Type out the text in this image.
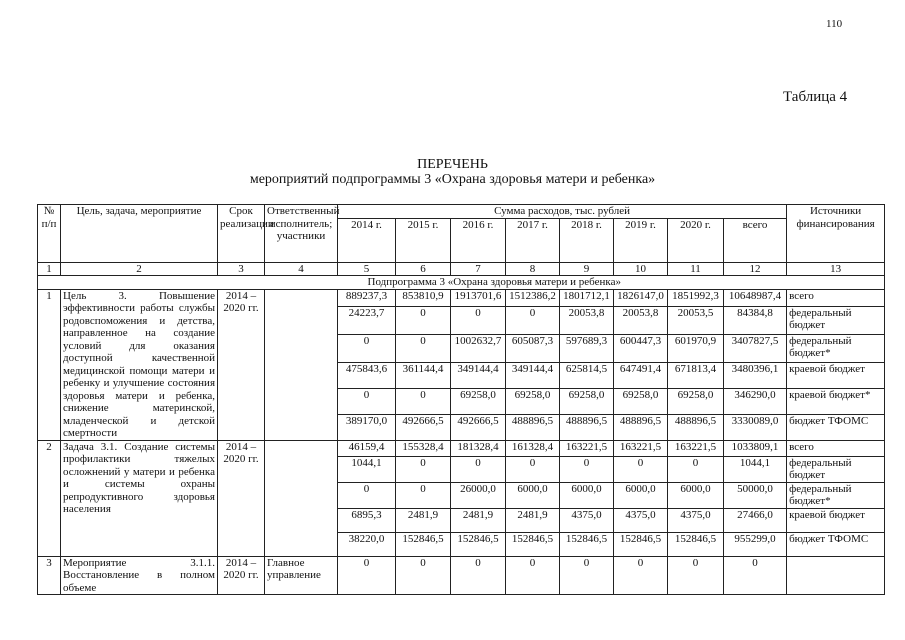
110
Таблица 4
ПЕРЕЧЕНЬ
мероприятий подпрограммы 3 «Охрана здоровья матери и ребенка»
№ п/п	Цель, задача, мероприятие	Срок реализации	Ответственный исполнитель; участники	Сумма расходов, тыс. рублей								Источники финансирования
				2014 г.	2015 г.	2016 г.	2017 г.	2018 г.	2019 г.	2020 г.	всего	
1	2	3	4	5	6	7	8	9	10	11	12	13
				Подпрограмма 3 «Охрана здоровья матери и ребенка»								
1	Цель 3. Повышение эффективности работы службы родовспоможения и детства, направленное на создание условий для оказания доступной качественной медицинской помощи матери и ребенку и улучшение состояния здоровья матери и ребенка, снижение материнской, младенческой и детской смертности	2014 – 2020 гг.		889237,3	853810,9	1913701,6	1512386,2	1801712,1	1826147,0	1851992,3	10648987,4	всего
				24223,7	0	0	0	20053,8	20053,8	20053,5	84384,8	федеральный бюджет
				0	0	1002632,7	605087,3	597689,3	600447,3	601970,9	3407827,5	федеральный бюджет*
				475843,6	361144,4	349144,4	349144,4	625814,5	647491,4	671813,4	3480396,1	краевой бюджет
				0	0	69258,0	69258,0	69258,0	69258,0	69258,0	346290,0	краевой бюджет*
				389170,0	492666,5	492666,5	488896,5	488896,5	488896,5	488896,5	3330089,0	бюджет ТФОМС
2	Задача 3.1. Создание системы профилактики тяжелых осложнений у матери и ребенка и системы охраны репродуктивного здоровья населения	2014 – 2020 гг.		46159,4	155328,4	181328,4	161328,4	163221,5	163221,5	163221,5	1033809,1	всего
				1044,1	0	0	0	0	0	0	1044,1	федеральный бюджет
				0	0	26000,0	6000,0	6000,0	6000,0	6000,0	50000,0	федеральный бюджет*
				6895,3	2481,9	2481,9	2481,9	4375,0	4375,0	4375,0	27466,0	краевой бюджет
				38220,0	152846,5	152846,5	152846,5	152846,5	152846,5	152846,5	955299,0	бюджет ТФОМС
3	Мероприятие 3.1.1. Восстановление в полном объеме	2014 – 2020 гг.	Главное управление	0	0	0	0	0	0	0	0	
